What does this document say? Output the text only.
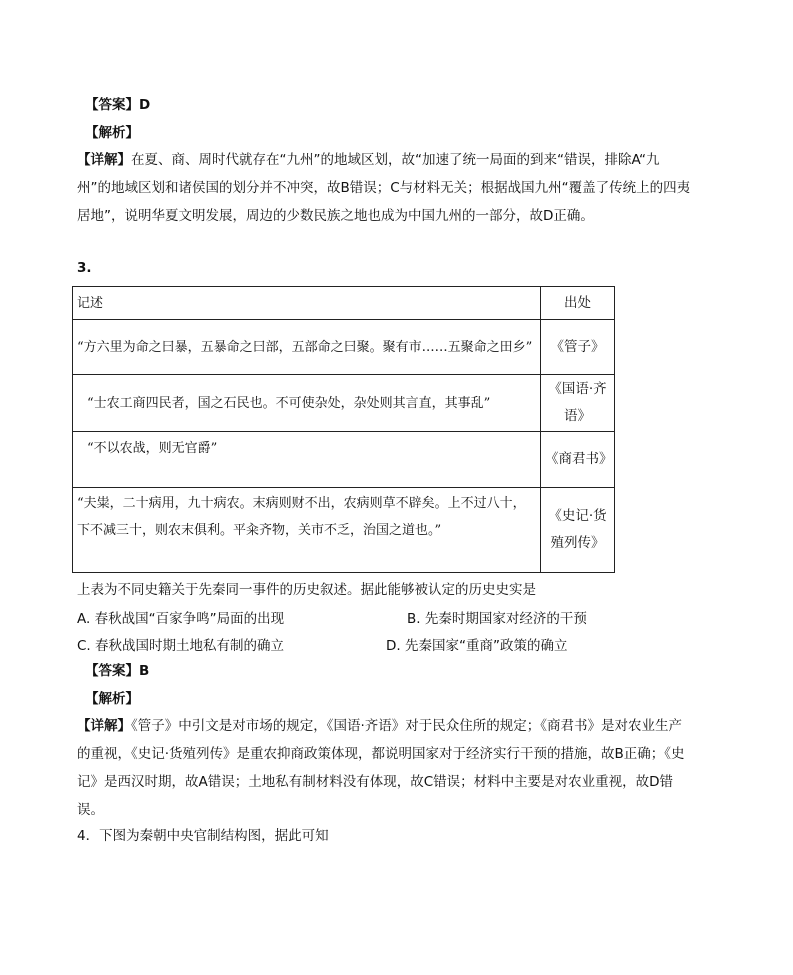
【答案】D
【解析】
【详解】在夏、商、周时代就存在“九州”的地域区划，故“加速了统一局面的到来“错误，排除A“九州”的地域区划和诸侯国的划分并不冲突，故B错误；C与材料无关；根据战国九州“覆盖了传统上的四夷居地”，说明华夏文明发展，周边的少数民族之地也成为中国九州的一部分，故D正确。
3.
记述	出处
“方六里为命之曰暴，五暴命之曰部，五部命之曰聚。聚有市……五聚命之田乡”	《管子》
“士农工商四民者，国之石民也。不可使杂处，杂处则其言直，其事乱”	《国语·齐语》
“不以农战，则无官爵”	《商君书》
“夫粜，二十病用，九十病农。末病则财不出，农病则草不辟矣。上不过八十，下不减三十，则农末俱利。平籴齐物，关市不乏，治国之道也。”	《史记·货殖列传》
上表为不同史籍关于先秦同一事件的历史叙述。据此能够被认定的历史史实是
A. 春秋战国“百家争鸣”局面的出现	B. 先秦时期国家对经济的干预
C. 春秋战国时期土地私有制的确立	D. 先秦国家“重商”政策的确立
【答案】B
【解析】
【详解】《管子》中引文是对市场的规定，《国语·齐语》对于民众住所的规定；《商君书》是对农业生产的重视，《史记·货殖列传》是重农抑商政策体现，都说明国家对于经济实行干预的措施，故B正确；《史记》是西汉时期，故A错误；土地私有制材料没有体现，故C错误；材料中主要是对农业重视，故D错误。
4．下图为秦朝中央官制结构图，据此可知
